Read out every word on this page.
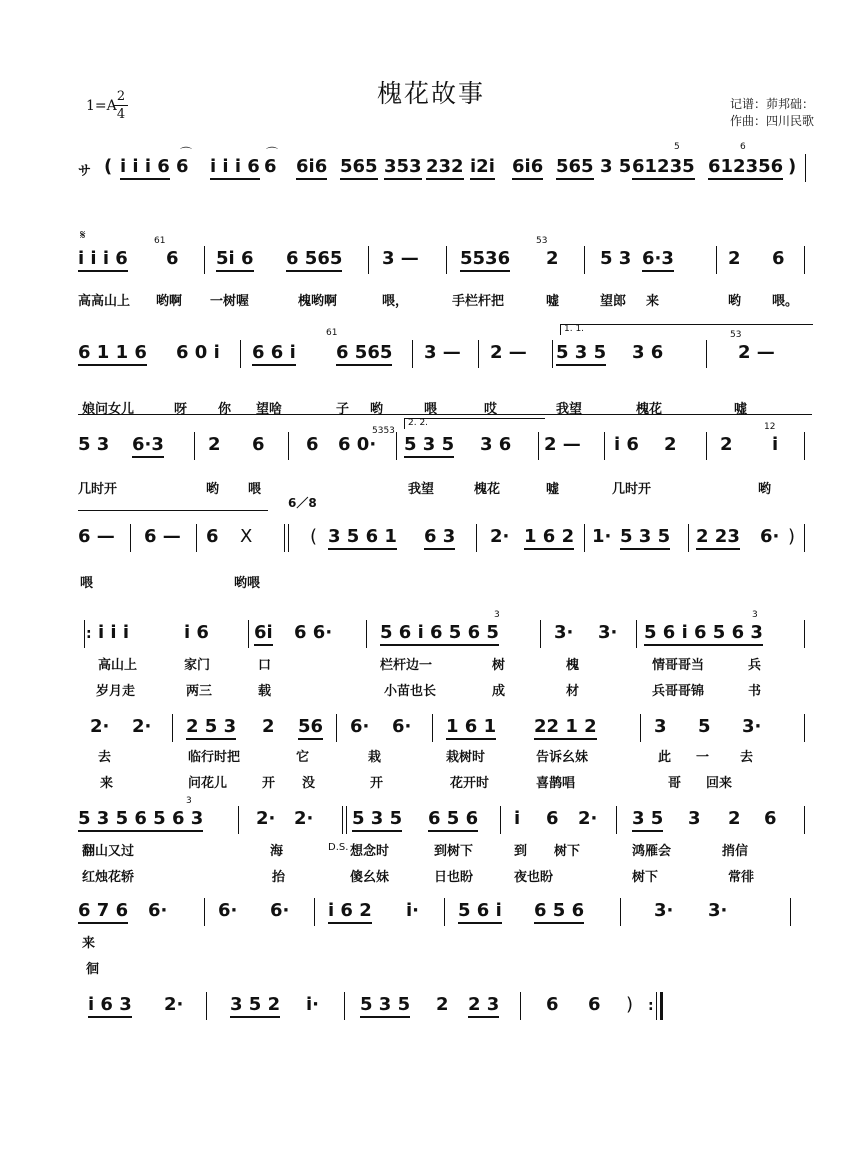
槐花故事
1=A
$\frac{2}{4}$	记谱：茆邦础：
作曲：四川民歌
サ ( i i i 6 6 i i i 6 6 6i6 565 353 232 i2i 6i6 565 3 5 61235 612356 )
⌒	⌒	5	6
𝄋
i i i 6
61
6 5i 6 6 565 3 — 5536
53
2 5 3 6·3	2 6
高高山上 哟啊 一树喔	槐哟啊	喂，	手栏杆把	嘘	望郎 来	哟 喂。
6 1 1 6 6 0 i 6 6 i
61
6 565 3 — 2 —
1. 1.
5 3 5 3 6
53
2 —
娘问女儿	呀 你 望啥	子 哟	喂	哎	我望	槐花	嘘
5 3 6·3 2 6 6 6 0·
5353
2. 2.
5 3 5 3 6 2 — i 6 2 2
12
i
几时开	哟 喂	我望	槐花	嘘	几时开	哟
6／8
6 — 6 — 6 X	( 3 5 6 1 6 3 2· 1 6 2 1· 5 3 5 2 23 6· )
喂	哟喂
: i i i	i 6	6i 6 6·	5 6 i 6 5 6 5	3· 3· 5 6 i 6 5 6 3
3	3
高山上	家门	口	栏杆边一	树	槐	情哥哥当	兵
岁月走	两三	载	小苗也长	成	材	兵哥哥锦	书
2· 2· 2 5 3 2 56 6· 6· 1 6 1 22 1 2	3 5 3·
去	临行时把	它	栽	栽树时	告诉幺妹	此 一 去
来	问花儿	开 没	开	花开时	喜鹊唱	哥 回来
5 3 5 6 5 6 3
3
2· 2· 5 3 5 6 5 6 i 6 2· 3 5 3 2 6
翻山又过	海	D.S. 想念时	到树下	到 树下	鸿雁会	捎信
红烛花轿	抬	傻幺妹	日也盼	夜也盼	树下	常徘
6 7 6 6·	6· 6· i 6 2 i· 5 6 i 6 5 6	3· 3·
来
徊
i 6 3 2·	3 5 2 i· 5 3 5 2 2 3	6 6 ) :
